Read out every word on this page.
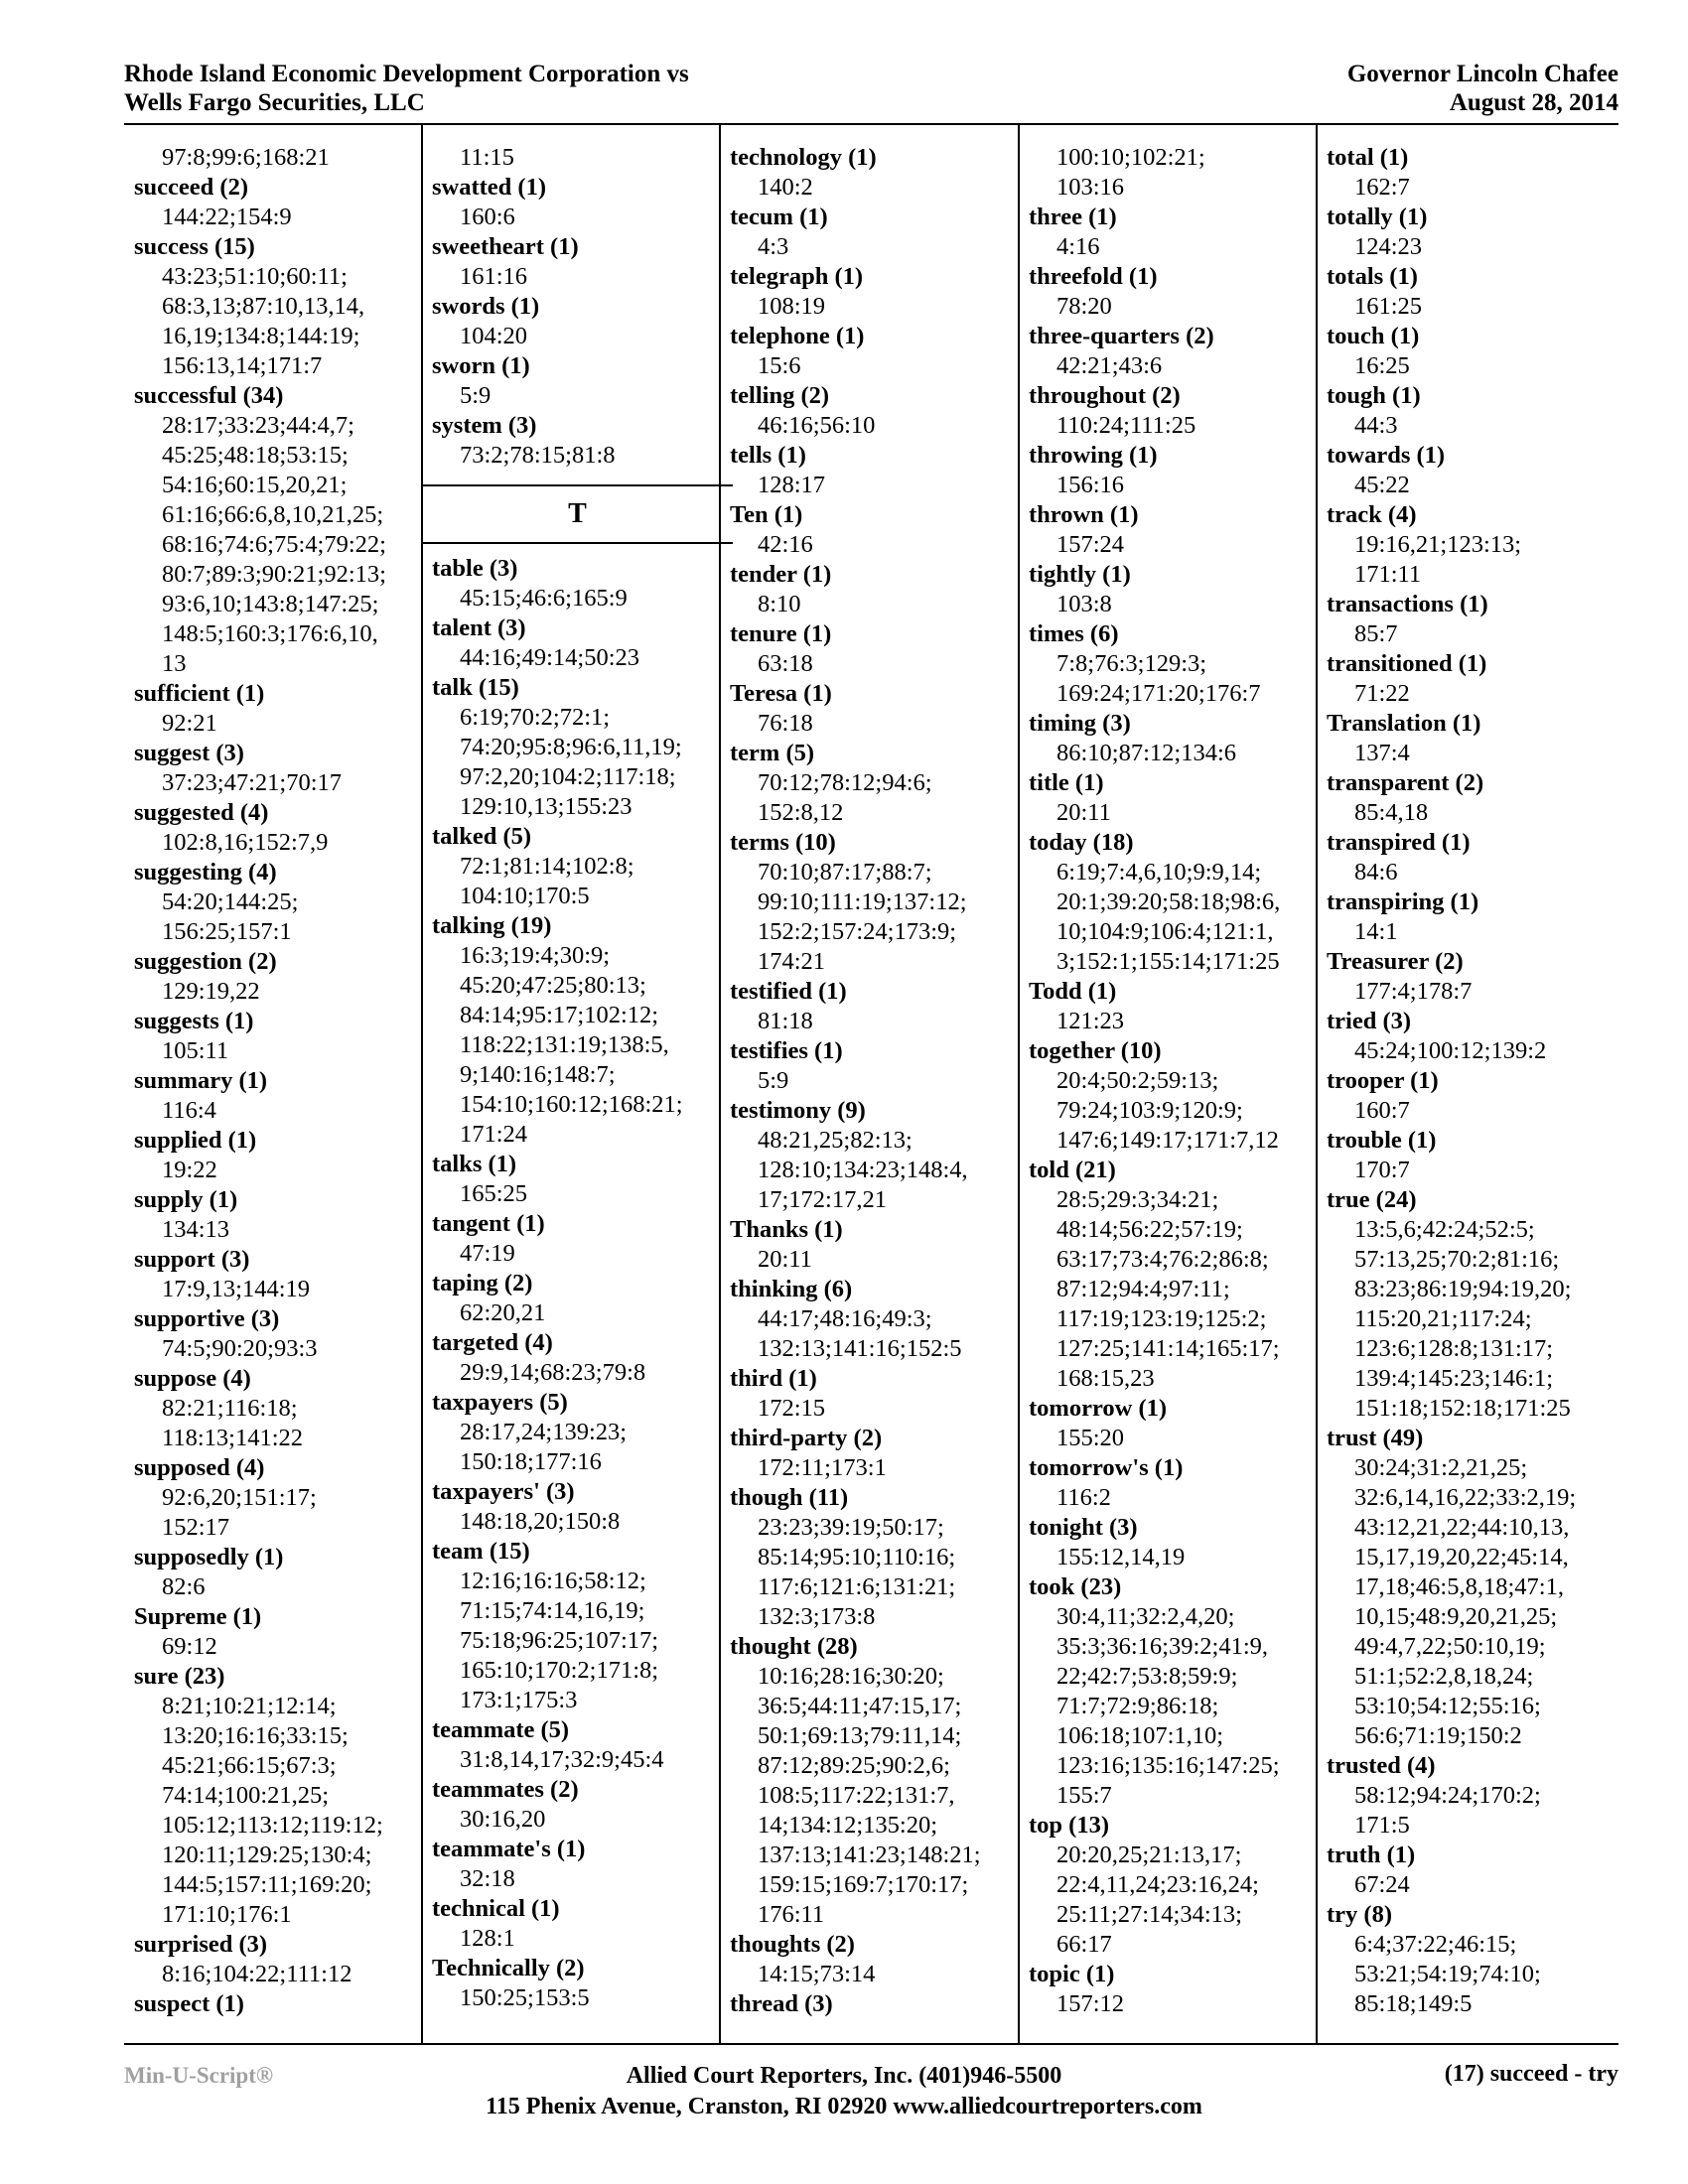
Rhode Island Economic Development Corporation vs
Wells Fargo Securities, LLC
Governor Lincoln Chafee
August 28, 2014
97:8;99:6;168:21
succeed (2)
144:22;154:9
success (15)
43:23;51:10;60:11;
68:3,13;87:10,13,14,
16,19;134:8;144:19;
156:13,14;171:7
successful (34)
28:17;33:23;44:4,7;
45:25;48:18;53:15;
54:16;60:15,20,21;
61:16;66:6,8,10,21,25;
68:16;74:6;75:4;79:22;
80:7;89:3;90:21;92:13;
93:6,10;143:8;147:25;
148:5;160:3;176:6,10,
13
sufficient (1)
92:21
suggest (3)
37:23;47:21;70:17
suggested (4)
102:8,16;152:7,9
suggesting (4)
54:20;144:25;
156:25;157:1
suggestion (2)
129:19,22
suggests (1)
105:11
summary (1)
116:4
supplied (1)
19:22
supply (1)
134:13
support (3)
17:9,13;144:19
supportive (3)
74:5;90:20;93:3
suppose (4)
82:21;116:18;
118:13;141:22
supposed (4)
92:6,20;151:17;
152:17
supposedly (1)
82:6
Supreme (1)
69:12
sure (23)
8:21;10:21;12:14;
13:20;16:16;33:15;
45:21;66:15;67:3;
74:14;100:21,25;
105:12;113:12;119:12;
120:11;129:25;130:4;
144:5;157:11;169:20;
171:10;176:1
surprised (3)
8:16;104:22;111:12
suspect (1)
11:15
swatted (1)
160:6
sweetheart (1)
161:16
swords (1)
104:20
sworn (1)
5:9
system (3)
73:2;78:15;81:8
T
table (3)
45:15;46:6;165:9
talent (3)
44:16;49:14;50:23
talk (15)
6:19;70:2;72:1;
74:20;95:8;96:6,11,19;
97:2,20;104:2;117:18;
129:10,13;155:23
talked (5)
72:1;81:14;102:8;
104:10;170:5
talking (19)
16:3;19:4;30:9;
45:20;47:25;80:13;
84:14;95:17;102:12;
118:22;131:19;138:5,
9;140:16;148:7;
154:10;160:12;168:21;
171:24
talks (1)
165:25
tangent (1)
47:19
taping (2)
62:20,21
targeted (4)
29:9,14;68:23;79:8
taxpayers (5)
28:17,24;139:23;
150:18;177:16
taxpayers' (3)
148:18,20;150:8
team (15)
12:16;16:16;58:12;
71:15;74:14,16,19;
75:18;96:25;107:17;
165:10;170:2;171:8;
173:1;175:3
teammate (5)
31:8,14,17;32:9;45:4
teammates (2)
30:16,20
teammate's (1)
32:18
technical (1)
128:1
Technically (2)
150:25;153:5
technology (1)
140:2
tecum (1)
4:3
telegraph (1)
108:19
telephone (1)
15:6
telling (2)
46:16;56:10
tells (1)
128:17
Ten (1)
42:16
tender (1)
8:10
tenure (1)
63:18
Teresa (1)
76:18
term (5)
70:12;78:12;94:6;
152:8,12
terms (10)
70:10;87:17;88:7;
99:10;111:19;137:12;
152:2;157:24;173:9;
174:21
testified (1)
81:18
testifies (1)
5:9
testimony (9)
48:21,25;82:13;
128:10;134:23;148:4,
17;172:17,21
Thanks (1)
20:11
thinking (6)
44:17;48:16;49:3;
132:13;141:16;152:5
third (1)
172:15
third-party (2)
172:11;173:1
though (11)
23:23;39:19;50:17;
85:14;95:10;110:16;
117:6;121:6;131:21;
132:3;173:8
thought (28)
10:16;28:16;30:20;
36:5;44:11;47:15,17;
50:1;69:13;79:11,14;
87:12;89:25;90:2,6;
108:5;117:22;131:7,
14;134:12;135:20;
137:13;141:23;148:21;
159:15;169:7;170:17;
176:11
thoughts (2)
14:15;73:14
thread (3)
100:10;102:21;
103:16
three (1)
4:16
threefold (1)
78:20
three-quarters (2)
42:21;43:6
throughout (2)
110:24;111:25
throwing (1)
156:16
thrown (1)
157:24
tightly (1)
103:8
times (6)
7:8;76:3;129:3;
169:24;171:20;176:7
timing (3)
86:10;87:12;134:6
title (1)
20:11
today (18)
6:19;7:4,6,10;9:9,14;
20:1;39:20;58:18;98:6,
10;104:9;106:4;121:1,
3;152:1;155:14;171:25
Todd (1)
121:23
together (10)
20:4;50:2;59:13;
79:24;103:9;120:9;
147:6;149:17;171:7,12
told (21)
28:5;29:3;34:21;
48:14;56:22;57:19;
63:17;73:4;76:2;86:8;
87:12;94:4;97:11;
117:19;123:19;125:2;
127:25;141:14;165:17;
168:15,23
tomorrow (1)
155:20
tomorrow's (1)
116:2
tonight (3)
155:12,14,19
took (23)
30:4,11;32:2,4,20;
35:3;36:16;39:2;41:9,
22;42:7;53:8;59:9;
71:7;72:9;86:18;
106:18;107:1,10;
123:16;135:16;147:25;
155:7
top (13)
20:20,25;21:13,17;
22:4,11,24;23:16,24;
25:11;27:14;34:13;
66:17
topic (1)
157:12
total (1)
162:7
totally (1)
124:23
totals (1)
161:25
touch (1)
16:25
tough (1)
44:3
towards (1)
45:22
track (4)
19:16,21;123:13;
171:11
transactions (1)
85:7
transitioned (1)
71:22
Translation (1)
137:4
transparent (2)
85:4,18
transpired (1)
84:6
transpiring (1)
14:1
Treasurer (2)
177:4;178:7
tried (3)
45:24;100:12;139:2
trooper (1)
160:7
trouble (1)
170:7
true (24)
13:5,6;42:24;52:5;
57:13,25;70:2;81:16;
83:23;86:19;94:19,20;
115:20,21;117:24;
123:6;128:8;131:17;
139:4;145:23;146:1;
151:18;152:18;171:25
trust (49)
30:24;31:2,21,25;
32:6,14,16,22;33:2,19;
43:12,21,22;44:10,13,
15,17,19,20,22;45:14,
17,18;46:5,8,18;47:1,
10,15;48:9,20,21,25;
49:4,7,22;50:10,19;
51:1;52:2,8,18,24;
53:10;54:12;55:16;
56:6;71:19;150:2
trusted (4)
58:12;94:24;170:2;
171:5
truth (1)
67:24
try (8)
6:4;37:22;46:15;
53:21;54:19;74:10;
85:18;149:5
Min-U-Script®	Allied Court Reporters, Inc. (401)946-5500
115 Phenix Avenue, Cranston, RI 02920 www.alliedcourtreporters.com
(17) succeed - try
